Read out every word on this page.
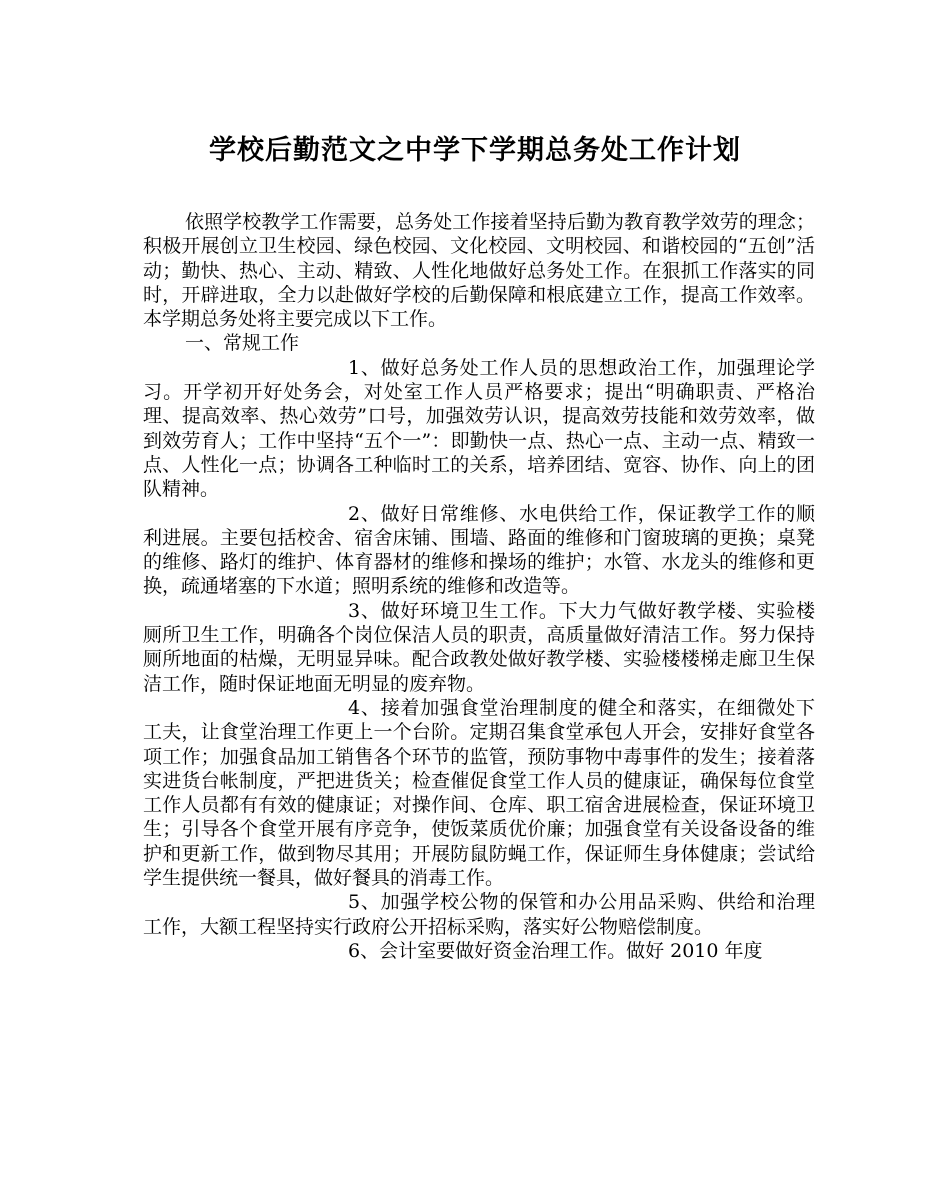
学校后勤范文之中学下学期总务处工作计划

依照学校教学工作需要，总务处工作接着坚持后勤为教育教学效劳的理念；积极开展创立卫生校园、绿色校园、文化校园、文明校园、和谐校园的“五创”活动；勤快、热心、主动、精致、人性化地做好总务处工作。在狠抓工作落实的同时，开辟进取，全力以赴做好学校的后勤保障和根底建立工作，提高工作效率。本学期总务处将主要完成以下工作。

一、常规工作

1、做好总务处工作人员的思想政治工作，加强理论学习。开学初开好处务会，对处室工作人员严格要求；提出“明确职责、严格治理、提高效率、热心效劳”口号，加强效劳认识，提高效劳技能和效劳效率，做到效劳育人；工作中坚持“五个一”：即勤快一点、热心一点、主动一点、精致一点、人性化一点；协调各工种临时工的关系，培养团结、宽容、协作、向上的团队精神。

2、做好日常维修、水电供给工作，保证教学工作的顺利进展。主要包括校舍、宿舍床铺、围墙、路面的维修和门窗玻璃的更换；桌凳的维修、路灯的维护、体育器材的维修和操场的维护；水管、水龙头的维修和更换，疏通堵塞的下水道；照明系统的维修和改造等。

3、做好环境卫生工作。下大力气做好教学楼、实验楼厕所卫生工作，明确各个岗位保洁人员的职责，高质量做好清洁工作。努力保持厕所地面的枯燥，无明显异味。配合政教处做好教学楼、实验楼楼梯走廊卫生保洁工作，随时保证地面无明显的废弃物。

4、接着加强食堂治理制度的健全和落实，在细微处下工夫，让食堂治理工作更上一个台阶。定期召集食堂承包人开会，安排好食堂各项工作；加强食品加工销售各个环节的监管，预防事物中毒事件的发生；接着落实进货台帐制度，严把进货关；检查催促食堂工作人员的健康证，确保每位食堂工作人员都有有效的健康证；对操作间、仓库、职工宿舍进展检查，保证环境卫生；引导各个食堂开展有序竞争，使饭菜质优价廉；加强食堂有关设备设备的维护和更新工作，做到物尽其用；开展防鼠防蝇工作，保证师生身体健康；尝试给学生提供统一餐具，做好餐具的消毒工作。

5、加强学校公物的保管和办公用品采购、供给和治理工作，大额工程坚持实行政府公开招标采购，落实好公物赔偿制度。

6、会计室要做好资金治理工作。做好 2010 年度
